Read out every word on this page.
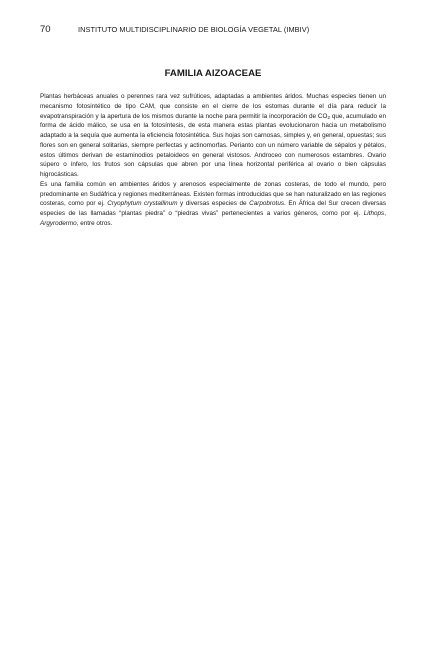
70	INSTITUTO MULTIDISCIPLINARIO DE BIOLOGÍA VEGETAL (IMBIV)
FAMILIA AIZOACEAE

Plantas herbáceas anuales o perennes rara vez sufrútices, adaptadas a ambientes áridos. Muchas especies tienen un mecanismo fotosintético de tipo CAM, que consiste en el cierre de los estomas durante el día para reducir la evapotranspiración y la apertura de los mismos durante la noche para permitir la incorporación de $CO_2$ que, acumulado en forma de ácido málico, se usa en la fotosíntesis, de esta manera estas plantas evolucionaron hacia un metabolismo adaptado a la sequía que aumenta la eficiencia fotosintética. Sus hojas son carnosas, simples y, en general, opuestas; sus flores son en general solitarias, siempre perfectas y actinomorfas. Perianto con un número variable de sépalos y pétalos, estos últimos derivan de estaminodios petaloideos en general vistosos. Androceo con numerosos estambres. Ovario súpero o ínfero, los frutos son cápsulas que abren por una línea horizontal periférica al ovario o bien cápsulas higrocásticas.

Es una familia común en ambientes áridos y arenosos especialmente de zonas costeras, de todo el mundo, pero predominante en Sudáfrica y regiones mediterráneas. Existen formas introducidas que se han naturalizado en las regiones costeras, como por ej. Cryophytum crystallinum y diversas especies de Carpobrotus. En África del Sur crecen diversas especies de las llamadas “plantas piedra” o “piedras vivas” pertenecientes a varios géneros, como por ej. Lithops, Argyrodermo, entre otros.
